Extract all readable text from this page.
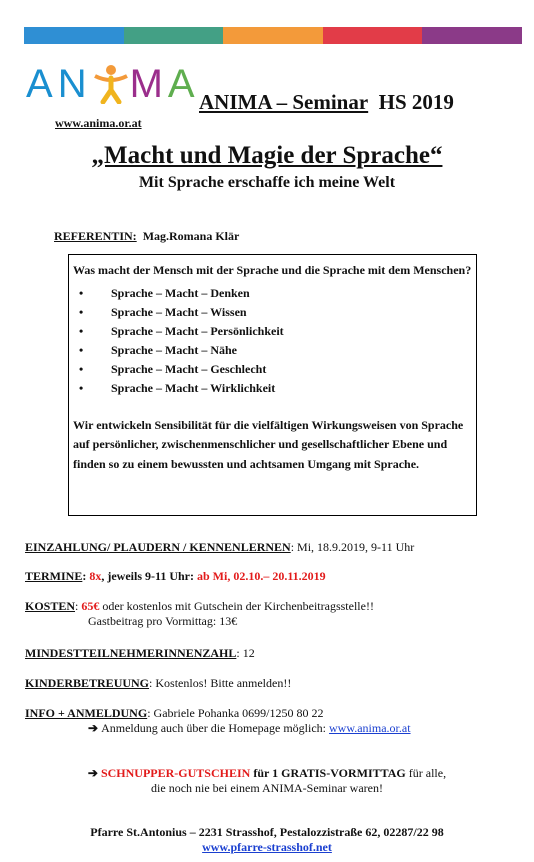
AN MA
www.anima.or.at
ANIMA – Seminar HS 2019
„Macht und Magie der Sprache“
Mit Sprache erschaffe ich meine Welt
REFERENTIN: Mag.Romana Klär

Was macht der Mensch mit der Sprache und die Sprache mit dem Menschen?

• Sprache – Macht – Denken
• Sprache – Macht – Wissen
• Sprache – Macht – Persönlichkeit
• Sprache – Macht – Nähe
• Sprache – Macht – Geschlecht
• Sprache – Macht – Wirklichkeit

Wir entwickeln Sensibilität für die vielfältigen Wirkungsweisen von Sprache auf persönlicher, zwischenmenschlicher und gesellschaftlicher Ebene und finden so zu einem bewussten und achtsamen Umgang mit Sprache.

EINZAHLUNG/ PLAUDERN / KENNENLERNEN: Mi, 18.9.2019, 9-11 Uhr
TERMINE: 8x, jeweils 9-11 Uhr: ab Mi, 02.10.– 20.11.2019
KOSTEN: 65€ oder kostenlos mit Gutschein der Kirchenbeitragsstelle!!
Gastbeitrag pro Vormittag: 13€
MINDESTTEILNEHMERINNENZAHL: 12
KINDERBETREUUNG: Kostenlos! Bitte anmelden!!
INFO + ANMELDUNG: Gabriele Pohanka 0699/1250 80 22
➔ Anmeldung auch über die Homepage möglich: www.anima.or.at
➔ SCHNUPPER-GUTSCHEIN für 1 GRATIS-VORMITTAG für alle,
die noch nie bei einem ANIMA-Seminar waren!
Pfarre St.Antonius – 2231 Strasshof, Pestalozzistraße 62, 02287/22 98
www.pfarre-strasshof.net
